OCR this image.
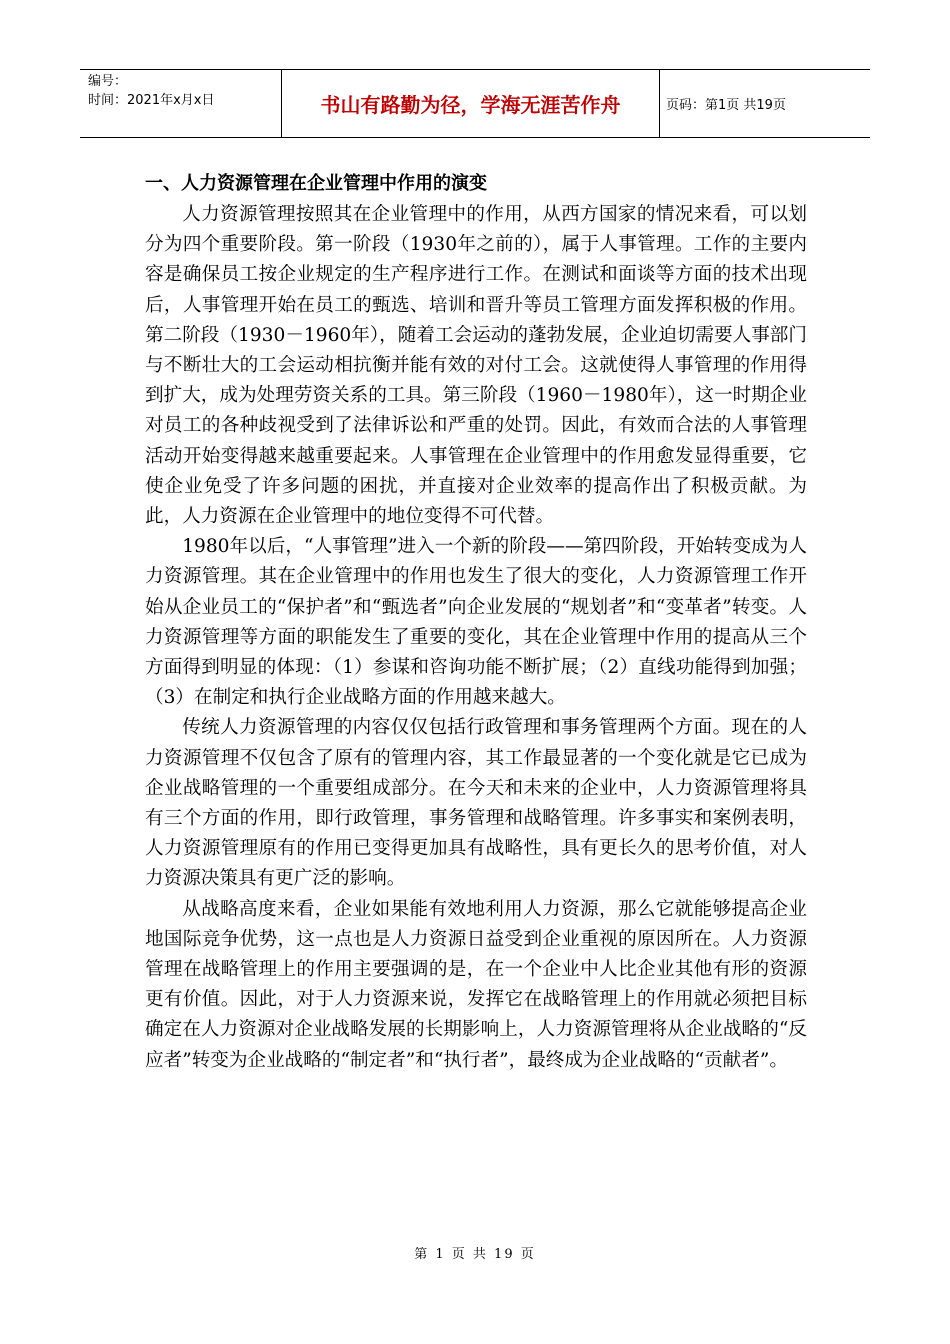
编号：
时间：2021年x月x日	书山有路勤为径，学海无涯苦作舟	页码：第1页 共19页
一、人力资源管理在企业管理中作用的演变

人力资源管理按照其在企业管理中的作用，从西方国家的情况来看，可以划分为四个重要阶段。第一阶段（1930年之前的），属于人事管理。工作的主要内容是确保员工按企业规定的生产程序进行工作。在测试和面谈等方面的技术出现后，人事管理开始在员工的甄选、培训和晋升等员工管理方面发挥积极的作用。第二阶段（1930－1960年），随着工会运动的蓬勃发展，企业迫切需要人事部门与不断壮大的工会运动相抗衡并能有效的对付工会。这就使得人事管理的作用得到扩大，成为处理劳资关系的工具。第三阶段（1960－1980年），这一时期企业对员工的各种歧视受到了法律诉讼和严重的处罚。因此，有效而合法的人事管理活动开始变得越来越重要起来。人事管理在企业管理中的作用愈发显得重要，它使企业免受了许多问题的困扰，并直接对企业效率的提高作出了积极贡献。为此，人力资源在企业管理中的地位变得不可代替。

1980年以后，“人事管理”进入一个新的阶段——第四阶段，开始转变成为人力资源管理。其在企业管理中的作用也发生了很大的变化，人力资源管理工作开始从企业员工的“保护者”和“甄选者”向企业发展的“规划者”和“变革者”转变。人力资源管理等方面的职能发生了重要的变化，其在企业管理中作用的提高从三个方面得到明显的体现：（1）参谋和咨询功能不断扩展；（2）直线功能得到加强；（3）在制定和执行企业战略方面的作用越来越大。

传统人力资源管理的内容仅仅包括行政管理和事务管理两个方面。现在的人力资源管理不仅包含了原有的管理内容，其工作最显著的一个变化就是它已成为企业战略管理的一个重要组成部分。在今天和未来的企业中，人力资源管理将具有三个方面的作用，即行政管理，事务管理和战略管理。许多事实和案例表明，人力资源管理原有的作用已变得更加具有战略性，具有更长久的思考价值，对人力资源决策具有更广泛的影响。

从战略高度来看，企业如果能有效地利用人力资源，那么它就能够提高企业地国际竞争优势，这一点也是人力资源日益受到企业重视的原因所在。人力资源管理在战略管理上的作用主要强调的是，在一个企业中人比企业其他有形的资源更有价值。因此，对于人力资源来说，发挥它在战略管理上的作用就必须把目标确定在人力资源对企业战略发展的长期影响上，人力资源管理将从企业战略的“反应者”转变为企业战略的“制定者”和“执行者”，最终成为企业战略的“贡献者”。

第 1 页 共 19 页
